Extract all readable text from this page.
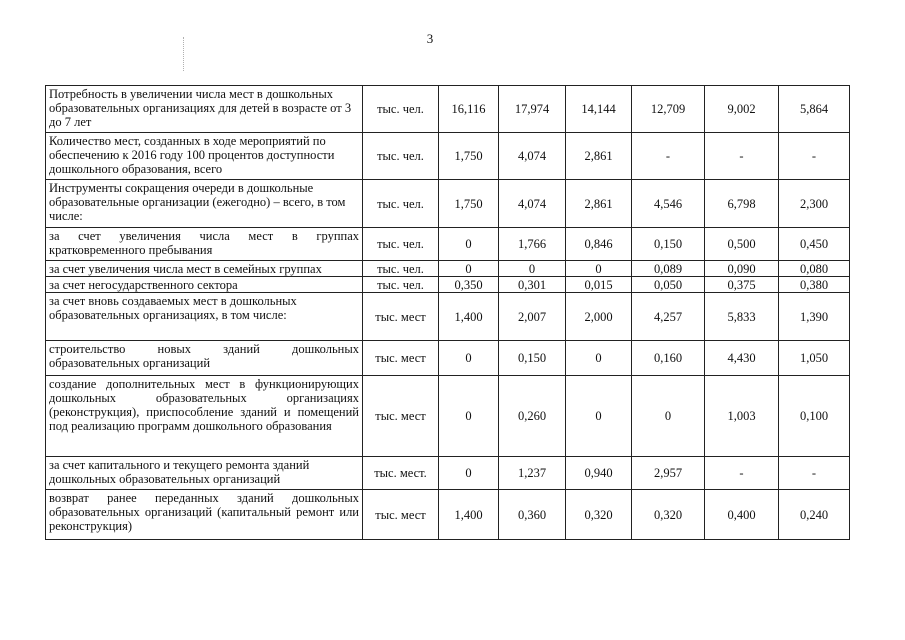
3
Потребность в увеличении числа мест в дошкольных образовательных организациях для детей в возрасте от 3 до 7 лет	тыс. чел.	16,116	17,974	14,144	12,709	9,002	5,864
Количество мест, созданных в ходе мероприятий по обеспечению к 2016 году 100 процентов доступности дошкольного образования, всего	тыс. чел.	1,750	4,074	2,861	-	-	-
Инструменты сокращения очереди в дошкольные образовательные организации (ежегодно) – всего, в том числе:	тыс. чел.	1,750	4,074	2,861	4,546	6,798	2,300

за счет увеличения числа мест в группах кратковременного пребывания	тыс. чел.	0	1,766	0,846	0,150	0,500	0,450
за счет увеличения числа мест в семейных группах	тыс. чел.	0	0	0	0,089	0,090	0,080
за счет негосударственного сектора	тыс. чел.	0,350	0,301	0,015	0,050	0,375	0,380
за счет вновь создаваемых мест в дошкольных образовательных организациях, в том числе:	тыс. мест	1,400	2,007	2,000	4,257	5,833	1,390

строительство новых зданий дошкольных образовательных организаций	тыс. мест	0	0,150	0	0,160	4,430	1,050

создание дополнительных мест в функционирующих дошкольных образовательных организациях (реконструкция), приспособление зданий и помещений под реализацию программ дошкольного образования	тыс. мест	0	0,260	0	0	1,003	0,100
за счет капитального и текущего ремонта зданий дошкольных образовательных организаций	тыс. мест.	0	1,237	0,940	2,957	-	-

возврат ранее переданных зданий дошкольных образовательных организаций (капитальный ремонт или реконструкция)	тыс. мест	1,400	0,360	0,320	0,320	0,400	0,240
